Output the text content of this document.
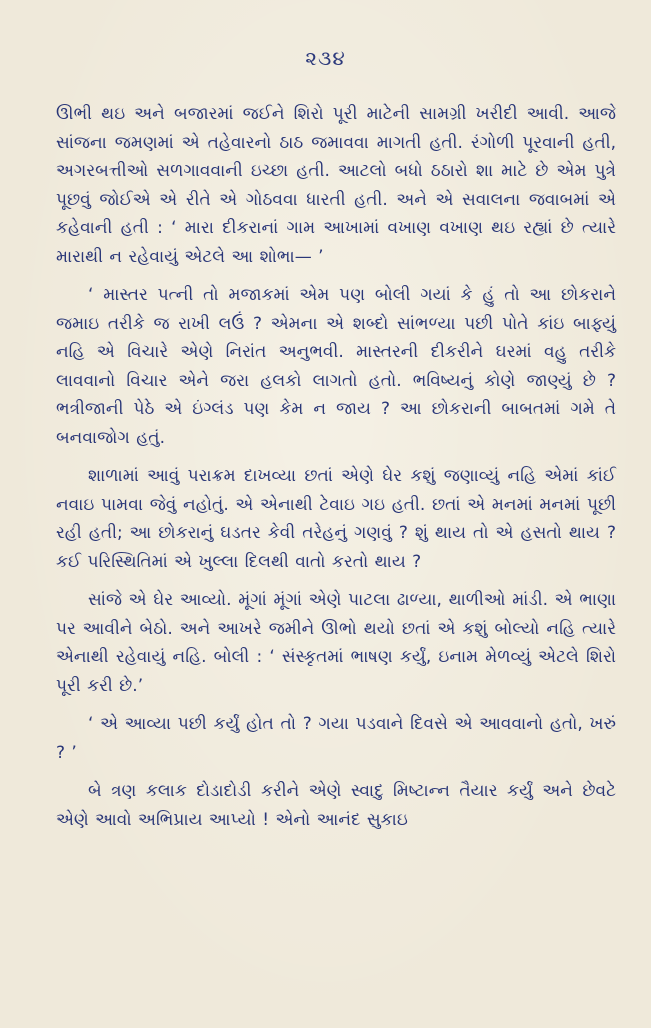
૨૩૪

ઊભી થઇ અને બજારમાં જઈને શિરો પૂરી માટેની સામગ્રી ખરીદી આવી. આજે સાંજના જમણમાં એ તહેવારનો ઠાઠ જમાવવા માગતી હતી. રંગોળી પૂરવાની હતી, અગરબત્તીઓ સળગાવવાની ઇચ્છા હતી. આટલો બધો ઠઠારો શા માટે છે એમ પુત્રે પૂછવું જોઈએ એ રીતે એ ગોઠવવા ધારતી હતી. અને એ સવાલના જવાબમાં એ કહેવાની હતી : ‘ મારા દીકરાનાં ગામ આખામાં વખાણ વખાણ થઇ રહ્યાં છે ત્યારે મારાથી ન રહેવાયું એટલે આ શોભા— ’

‘ માસ્તર પત્ની તો મજાકમાં એમ પણ બોલી ગયાં કે હું તો આ છોકરાને જમાઇ તરીકે જ રાખી લઉં ? એમના એ શબ્દો સાંભળ્યા પછી પોતે કાંઇ બાફ્યું નહિ એ વિચારે એણે નિરાંત અનુભવી. માસ્તરની દીકરીને ઘરમાં વહુ તરીકે લાવવાનો વિચાર એને જરા હલકો લાગતો હતો. ભવિષ્યનું કોણે જાણ્યું છે ? ભત્રીજાની પેઠે એ ઇંગ્લંડ પણ કેમ ન જાય ? આ છોકરાની બાબતમાં ગમે તે બનવાજોગ હતું.

શાળામાં આવું પરાક્રમ દાખવ્યા છતાં એણે ઘેર કશું જણાવ્યું નહિ એમાં કાંઈ નવાઇ પામવા જેવું નહોતું. એ એનાથી ટેવાઇ ગઇ હતી. છતાં એ મનમાં મનમાં પૂછી રહી હતી; આ છોકરાનું ઘડતર કેવી તરેહનું ગણવું ? શું થાય તો એ હસતો થાય ? કઈ પરિસ્થિતિમાં એ ખુલ્લા દિલથી વાતો કરતો થાય ?

સાંજે એ ઘેર આવ્યો. મૂંગાં મૂંગાં એણે પાટલા ઢાળ્યા, થાળીઓ માંડી. એ ભાણા પર આવીને બેઠો. અને આખરે જમીને ઊભો થયો છતાં એ કશું બોલ્યો નહિ ત્યારે એનાથી રહેવાયું નહિ. બોલી : ‘ સંસ્કૃતમાં ભાષણ કર્યું, ઇનામ મેળવ્યું એટલે શિરો પૂરી કરી છે.’

‘ એ આવ્યા પછી કર્યું હોત તો ? ગયા પડવાને દિવસે એ આવવાનો હતો, ખરું ? ’

બે ત્રણ કલાક દોડાદોડી કરીને એણે સ્વાદુ મિષ્ટાન્ન તૈયાર કર્યું અને છેવટે એણે આવો અભિપ્રાય આપ્યો ! એનો આનંદ સુકાઇ
